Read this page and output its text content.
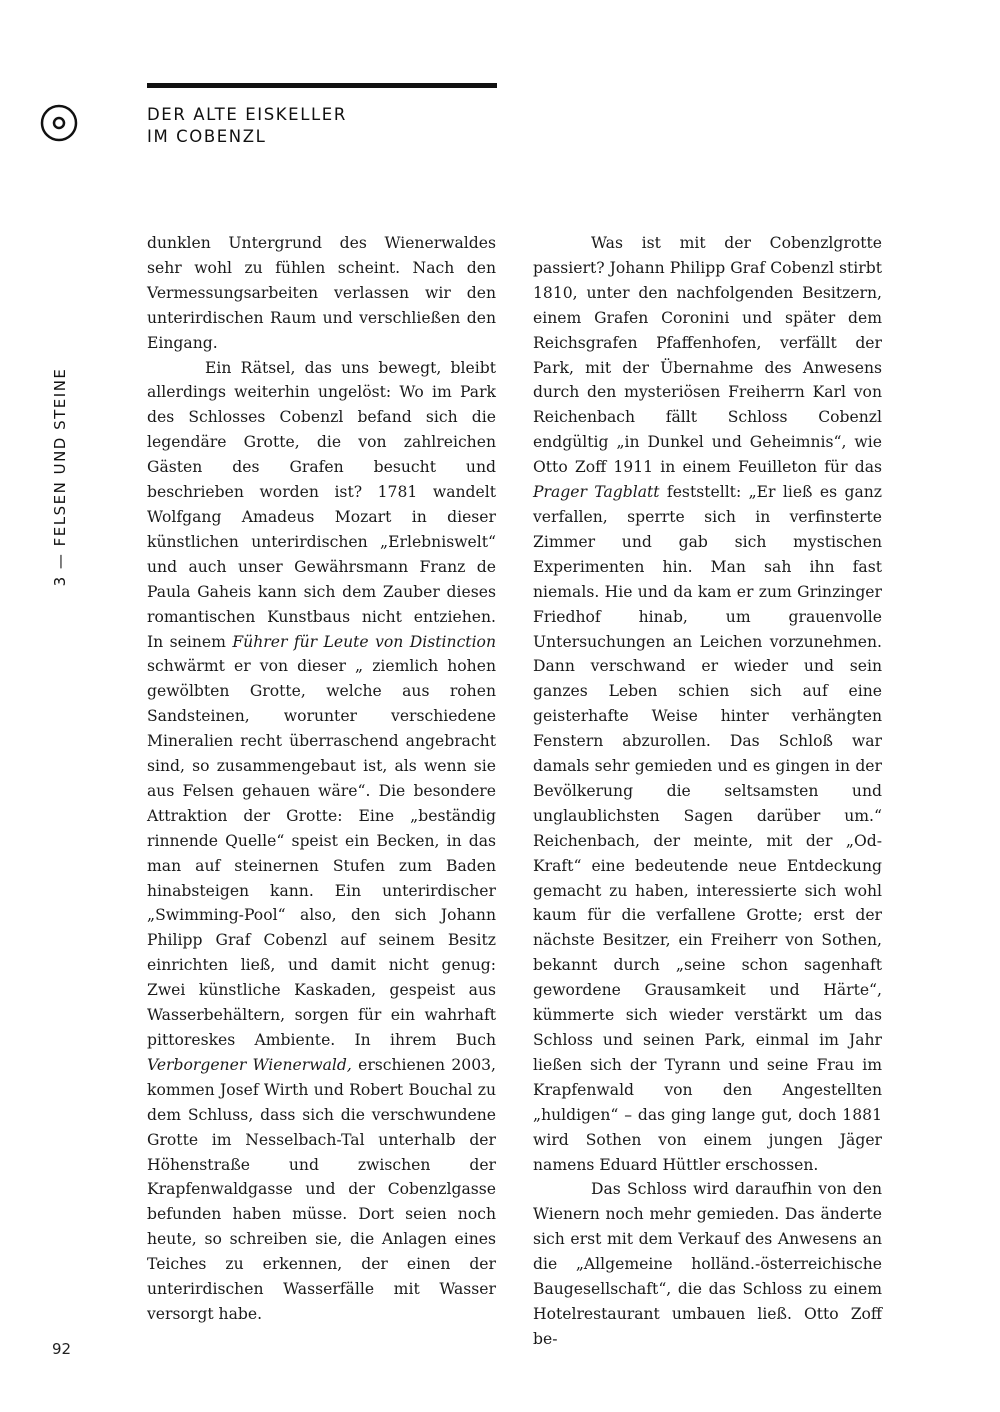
DER ALTE EISKELLER
IM COBENZL
3 — FELSEN UND STEINE

dunklen Untergrund des Wienerwaldes sehr wohl zu fühlen scheint. Nach den Vermessungsarbeiten verlassen wir den unterirdischen Raum und verschließen den Eingang.

Ein Rätsel, das uns bewegt, bleibt allerdings weiterhin ungelöst: Wo im Park des Schlosses Cobenzl befand sich die legendäre Grotte, die von zahlreichen Gästen des Grafen besucht und beschrieben worden ist? 1781 wandelt Wolfgang Amadeus Mozart in dieser künstlichen unterirdischen „Erlebniswelt“ und auch unser Gewährsmann Franz de Paula Gaheis kann sich dem Zauber dieses romantischen Kunstbaus nicht entziehen. In seinem Führer für Leute von Distinction schwärmt er von dieser „ ziemlich hohen gewölbten Grotte, welche aus rohen Sandsteinen, worunter verschiedene Mineralien recht überraschend angebracht sind, so zusammengebaut ist, als wenn sie aus Felsen gehauen wäre“. Die besondere Attraktion der Grotte: Eine „beständig rinnende Quelle“ speist ein Becken, in das man auf steinernen Stufen zum Baden hinabsteigen kann. Ein unterirdischer „Swimming-Pool“ also, den sich Johann Philipp Graf Cobenzl auf seinem Besitz einrichten ließ, und damit nicht genug: Zwei künstliche Kaskaden, gespeist aus Wasserbehältern, sorgen für ein wahrhaft pittoreskes Ambiente. In ihrem Buch Verborgener Wienerwald, erschienen 2003, kommen Josef Wirth und Robert Bouchal zu dem Schluss, dass sich die verschwundene Grotte im Nesselbach-Tal unterhalb der Höhenstraße und zwischen der Krapfenwaldgasse und der Cobenzlgasse befunden haben müsse. Dort seien noch heute, so schreiben sie, die Anlagen eines Teiches zu erkennen, der einen der unterirdischen Wasserfälle mit Wasser versorgt habe.

Was ist mit der Cobenzlgrotte passiert? Johann Philipp Graf Cobenzl stirbt 1810, unter den nachfolgenden Besitzern, einem Grafen Coronini und später dem Reichsgrafen Pfaffenhofen, verfällt der Park, mit der Übernahme des Anwesens durch den mysteriösen Freiherrn Karl von Reichenbach fällt Schloss Cobenzl endgültig „in Dunkel und Geheimnis“, wie Otto Zoff 1911 in einem Feuilleton für das Prager Tagblatt feststellt: „Er ließ es ganz verfallen, sperrte sich in verfinsterte Zimmer und gab sich mystischen Experimenten hin. Man sah ihn fast niemals. Hie und da kam er zum Grinzinger Friedhof hinab, um grauenvolle Untersuchungen an Leichen vorzunehmen. Dann verschwand er wieder und sein ganzes Leben schien sich auf eine geisterhafte Weise hinter verhängten Fenstern abzurollen. Das Schloß war damals sehr gemieden und es gingen in der Bevölkerung die seltsamsten und unglaublichsten Sagen darüber um.“ Reichenbach, der meinte, mit der „Od-Kraft“ eine bedeutende neue Entdeckung gemacht zu haben, interessierte sich wohl kaum für die verfallene Grotte; erst der nächste Besitzer, ein Freiherr von Sothen, bekannt durch „seine schon sagenhaft gewordene Grausamkeit und Härte“, kümmerte sich wieder verstärkt um das Schloss und seinen Park, einmal im Jahr ließen sich der Tyrann und seine Frau im Krapfenwald von den Angestellten „huldigen“ – das ging lange gut, doch 1881 wird Sothen von einem jungen Jäger namens Eduard Hüttler erschossen.

Das Schloss wird daraufhin von den Wienern noch mehr gemieden. Das änderte sich erst mit dem Verkauf des Anwesens an die „Allgemeine holländ.-österreichische Baugesellschaft“, die das Schloss zu einem Hotelrestaurant umbauen ließ. Otto Zoff be-

92
